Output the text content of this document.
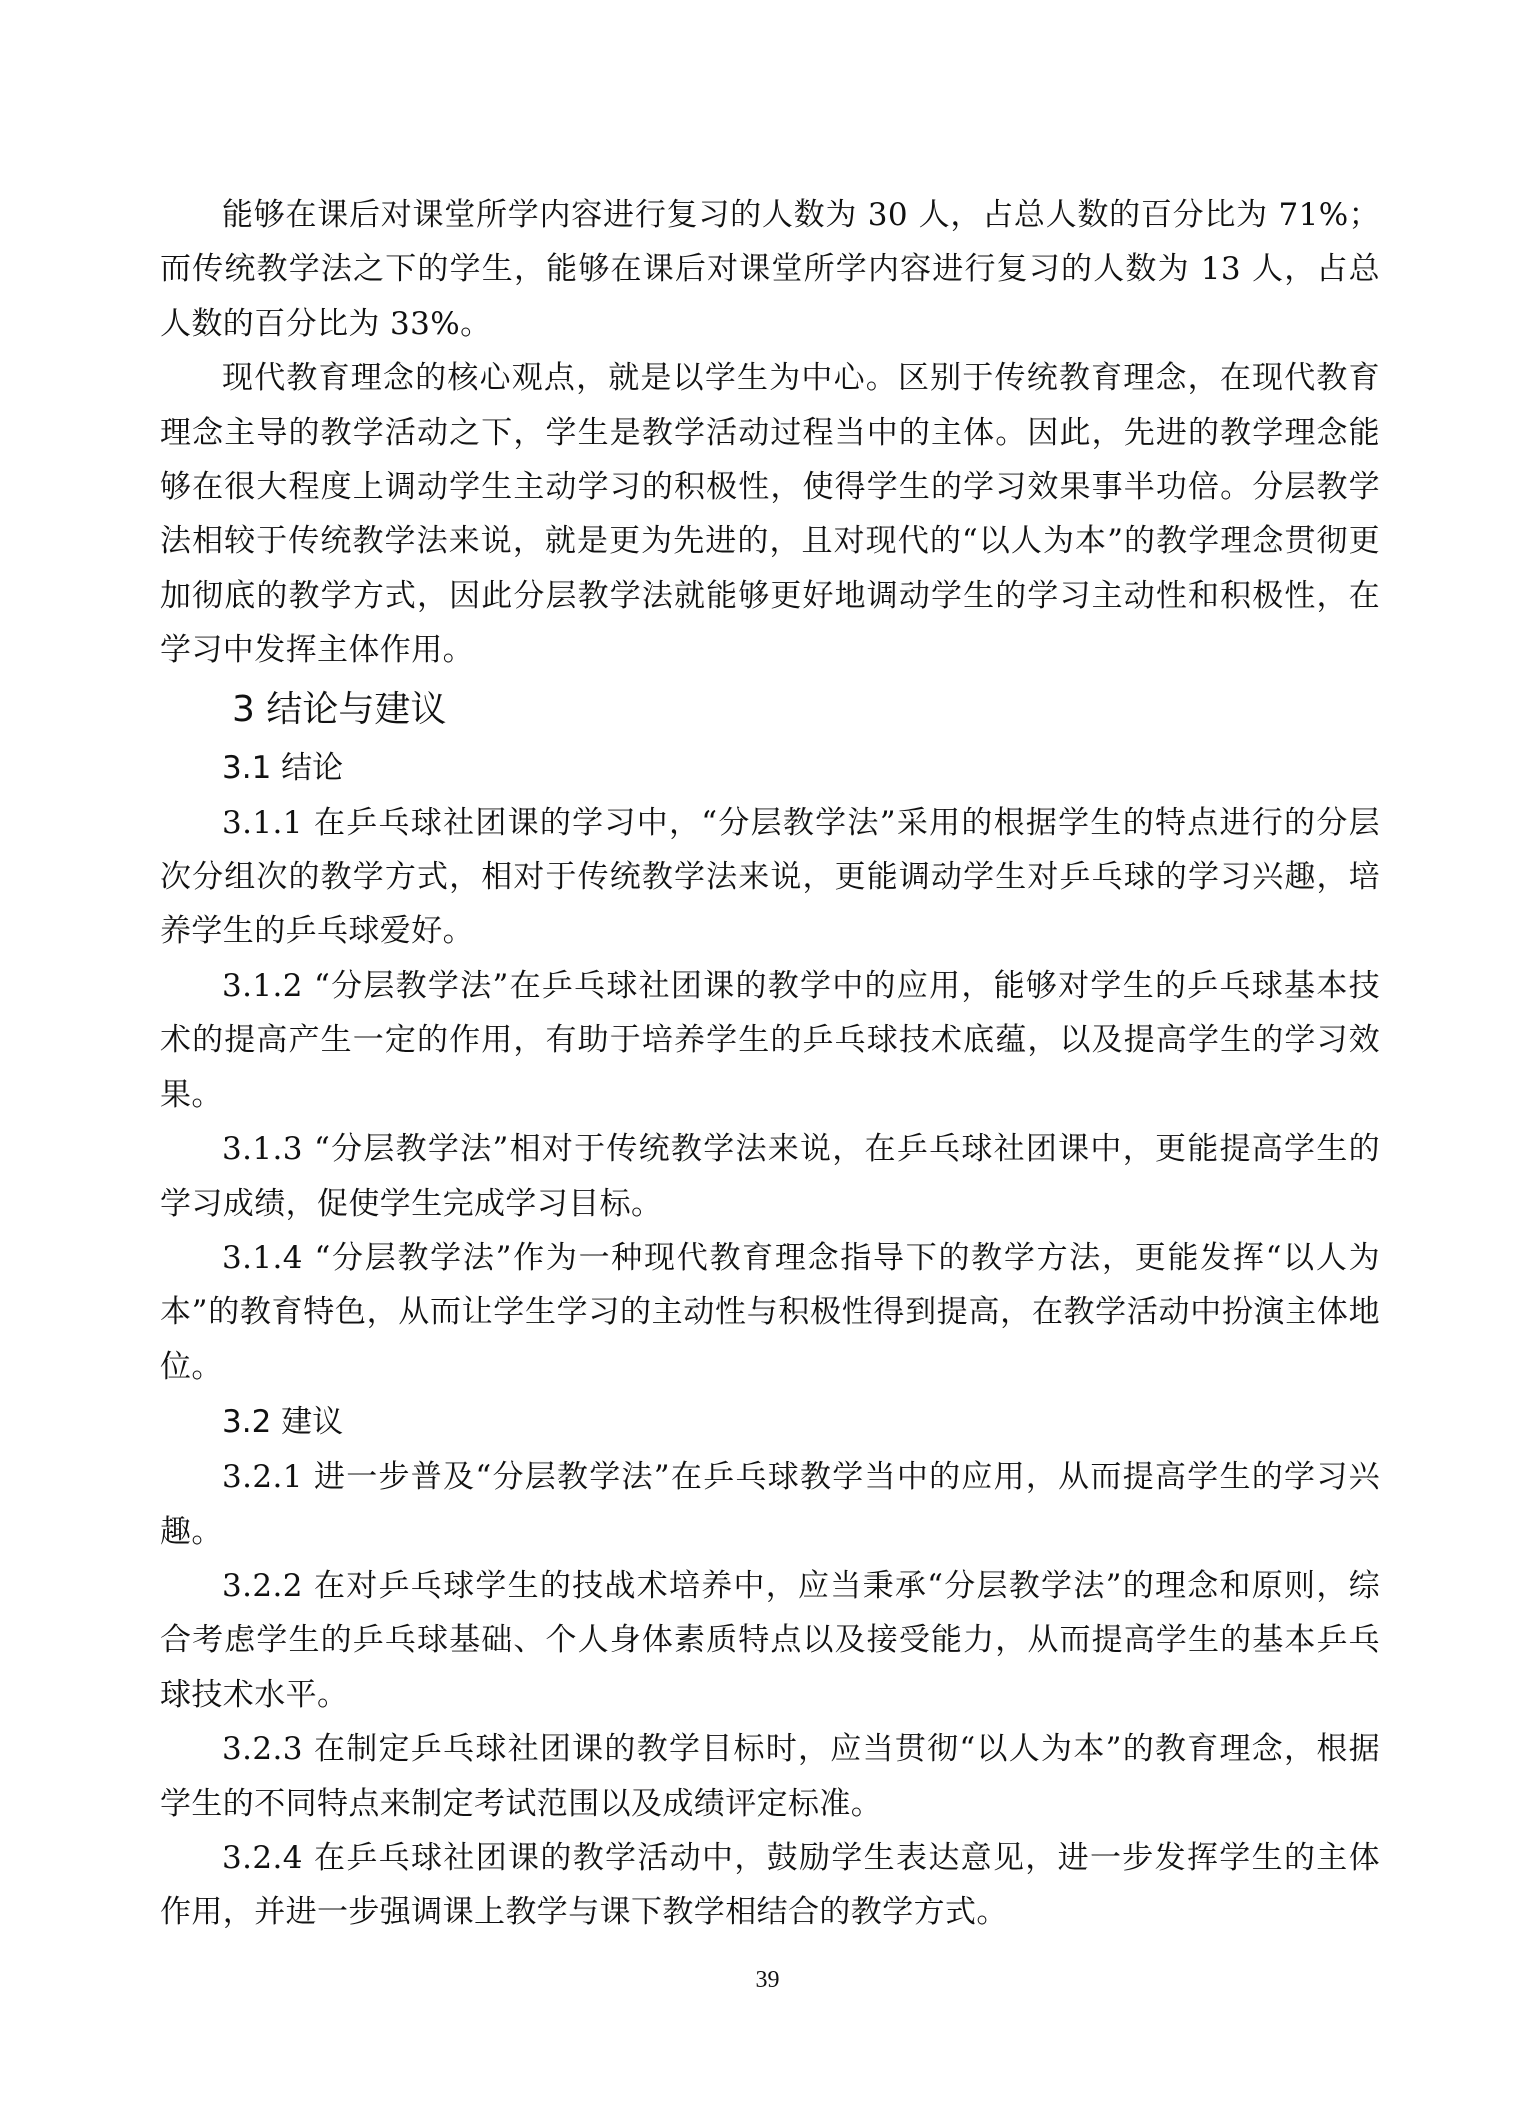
能够在课后对课堂所学内容进行复习的人数为 30 人，占总人数的百分比为 71%；而传统教学法之下的学生，能够在课后对课堂所学内容进行复习的人数为 13 人，占总人数的百分比为 33%。

现代教育理念的核心观点，就是以学生为中心。区别于传统教育理念，在现代教育理念主导的教学活动之下，学生是教学活动过程当中的主体。因此，先进的教学理念能够在很大程度上调动学生主动学习的积极性，使得学生的学习效果事半功倍。分层教学法相较于传统教学法来说，就是更为先进的，且对现代的“以人为本”的教学理念贯彻更加彻底的教学方式，因此分层教学法就能够更好地调动学生的学习主动性和积极性，在学习中发挥主体作用。

3 结论与建议
3.1 结论

3.1.1 在乒乓球社团课的学习中，“分层教学法”采用的根据学生的特点进行的分层次分组次的教学方式，相对于传统教学法来说，更能调动学生对乒乓球的学习兴趣，培养学生的乒乓球爱好。

3.1.2 “分层教学法”在乒乓球社团课的教学中的应用，能够对学生的乒乓球基本技术的提高产生一定的作用，有助于培养学生的乒乓球技术底蕴，以及提高学生的学习效果。

3.1.3 “分层教学法”相对于传统教学法来说，在乒乓球社团课中，更能提高学生的学习成绩，促使学生完成学习目标。

3.1.4 “分层教学法”作为一种现代教育理念指导下的教学方法，更能发挥“以人为本”的教育特色，从而让学生学习的主动性与积极性得到提高，在教学活动中扮演主体地位。

3.2 建议

3.2.1 进一步普及“分层教学法”在乒乓球教学当中的应用，从而提高学生的学习兴趣。

3.2.2 在对乒乓球学生的技战术培养中，应当秉承“分层教学法”的理念和原则，综合考虑学生的乒乓球基础、个人身体素质特点以及接受能力，从而提高学生的基本乒乓球技术水平。

3.2.3 在制定乒乓球社团课的教学目标时，应当贯彻“以人为本”的教育理念，根据学生的不同特点来制定考试范围以及成绩评定标准。

3.2.4 在乒乓球社团课的教学活动中，鼓励学生表达意见，进一步发挥学生的主体作用，并进一步强调课上教学与课下教学相结合的教学方式。

39
